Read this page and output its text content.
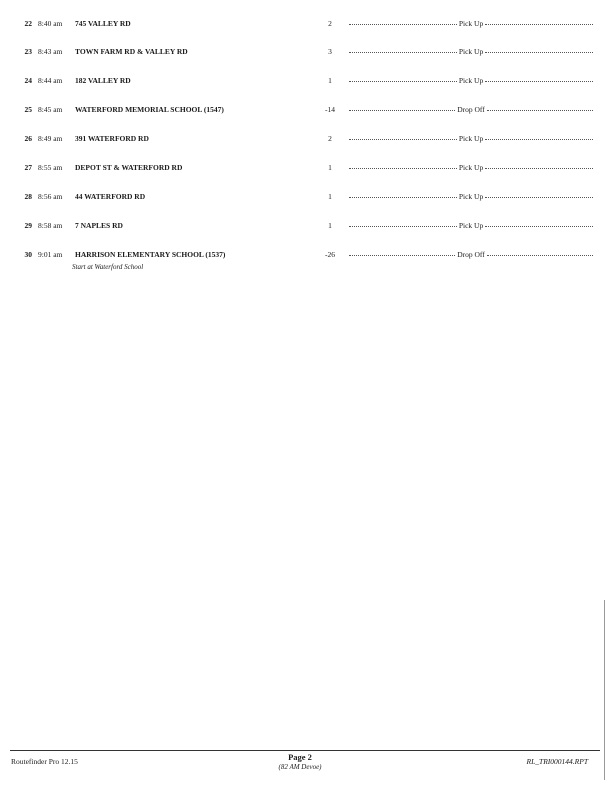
22 8:40 am 745 VALLEY RD	2	Pick Up
23 8:43 am TOWN FARM RD & VALLEY RD	3	Pick Up
24 8:44 am 182 VALLEY RD	1	Pick Up
25 8:45 am WATERFORD MEMORIAL SCHOOL (1547)	-14	Drop Off
26 8:49 am 391 WATERFORD RD	2	Pick Up
27 8:55 am DEPOT ST & WATERFORD RD	1	Pick Up
28 8:56 am 44 WATERFORD RD	1	Pick Up
29 8:58 am 7 NAPLES RD	1	Pick Up
30 9:01 am HARRISON ELEMENTARY SCHOOL (1537)	-26	Drop Off
Start at Waterford School
Routefinder Pro 12.15	Page 2
(82 AM Devoe)
RL_TRI000144.RPT
